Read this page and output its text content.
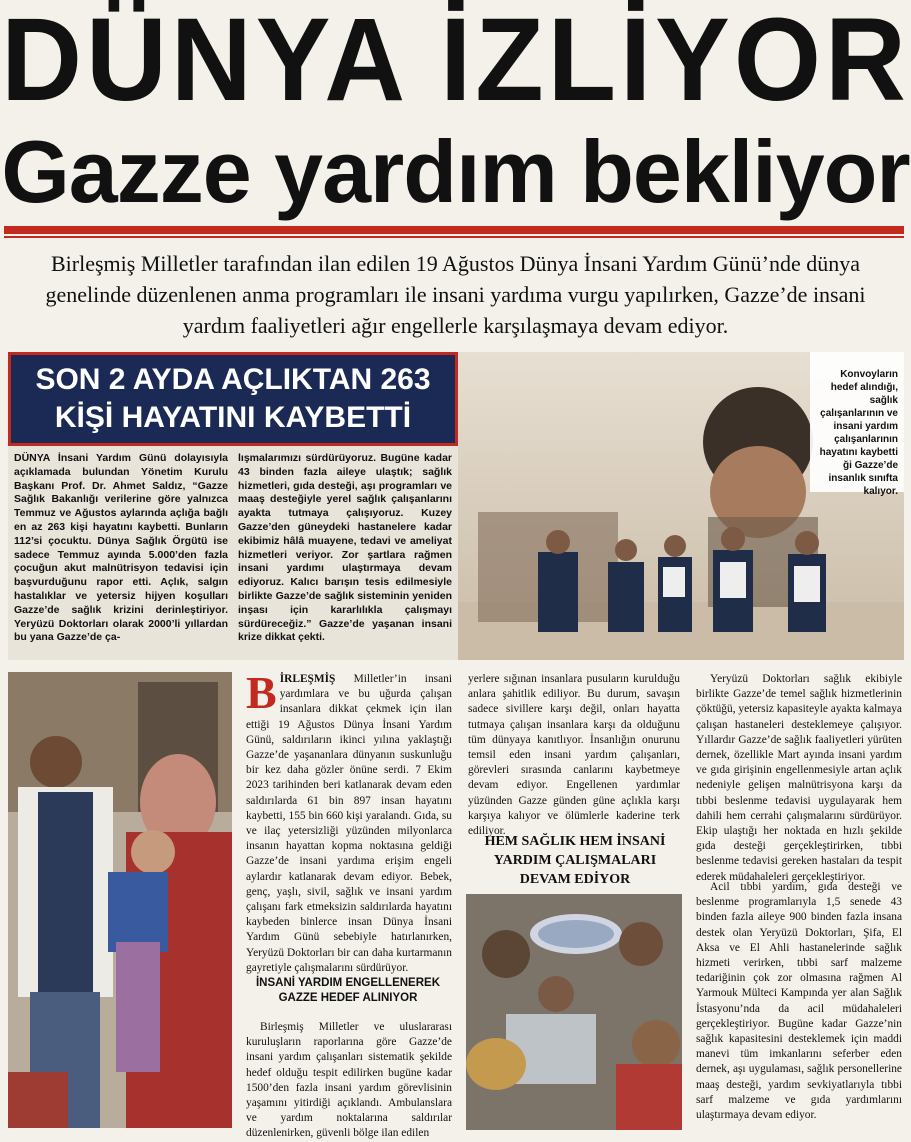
DÜNYA İZLİYOR
Gazze yardım bekliyor
Birleşmiş Milletler tarafından ilan edilen 19 Ağustos Dünya İnsani Yardım Günü’nde dünya genelinde düzenlenen anma programları ile insani yardıma vurgu yapılırken, Gazze’de insani yardım faaliyetleri ağır engellerle karşılaşmaya devam ediyor.
Konvoyların hedef alındığı, sağlık çalışanlarının ve insani yardım çalışanlarının hayatını kaybetti ği Gazze’de insanlık sınıfta kalıyor.
SON 2 AYDA AÇLIKTAN 263
KİŞİ HAYATINI KAYBETTİ
DÜNYA İnsani Yardım Günü dolayısıyla açıklamada bulundan Yönetim Kurulu Başkanı Prof. Dr. Ahmet Saldız, “Gazze Sağlık Bakanlığı verilerine göre yalnızca Temmuz ve Ağustos aylarında açlığa bağlı en az 263 kişi hayatını kaybetti. Bunların 112’si çocuktu. Dünya Sağlık Örgütü ise sadece Temmuz ayında 5.000’den fazla çocuğun akut malnütrisyon tedavisi için başvurduğunu rapor etti. Açlık, salgın hastalıklar ve yetersiz hijyen koşulları Gazze’de sağlık krizini derinleştiriyor. Yeryüzü Doktorları olarak 2000’li yıllardan bu yana Gazze’de ça-
lışmalarımızı sürdürüyoruz. Bugüne kadar 43 binden fazla aileye ulaştık; sağlık hizmetleri, gıda desteği, aşı programları ve maaş desteğiyle yerel sağlık çalışanlarını ayakta tutmaya çalışıyoruz. Kuzey Gazze’den güneydeki hastanelere kadar ekibimiz hâlâ muayene, tedavi ve ameliyat hizmetleri veriyor. Zor şartlara rağmen insani yardımı ulaştırmaya devam ediyoruz. Kalıcı barışın tesis edilmesiyle birlikte Gazze’de sağlık sisteminin yeniden inşası için kararlılıkla çalışmayı sürdüreceğiz.” Gazze’de yaşanan insani krize dikkat çekti.
BİRLEŞMİŞ Milletler’in insani yardımlara ve bu uğurda çalışan insanlara dikkat çekmek için ilan ettiği 19 Ağustos Dünya İnsani Yardım Günü, saldırıların ikinci yılına yaklaştığı Gazze’de yaşananlara dünyanın suskunluğu bir kez daha gözler önüne serdi. 7 Ekim 2023 tarihinden beri katlanarak devam eden saldırılarda 61 bin 897 insan hayatını kaybetti, 155 bin 660 kişi yaralandı. Gıda, su ve ilaç yetersizliği yüzünden milyonlarca insanın hayattan kopma noktasına geldiği Gazze’de insani yardıma erişim engeli aylardır katlanarak devam ediyor. Bebek, genç, yaşlı, sivil, sağlık ve insani yardım çalışanı fark etmeksizin saldırılarda hayatını kaybeden binlerce insan Dünya İnsani Yardım Günü sebebiyle hatırlanırken, Yeryüzü Doktorları bir can daha kurtarmanın gayretiyle çalışmalarını sürdürüyor.
İNSANİ YARDIM ENGELLENEREK GAZZE HEDEF ALINIYOR
Birleşmiş Milletler ve uluslararası kuruluşların raporlarına göre Gazze’de insani yardım çalışanları sistematik şekilde hedef olduğu tespit edilirken bugüne kadar 1500’den fazla insani yardım görevlisinin yaşamını yitirdiği açıklandı. Ambulanslara ve yardım noktalarına saldırılar düzenlenirken, güvenli bölge ilan edilen
yerlere sığınan insanlara pusuların kurulduğu anlara şahitlik ediliyor. Bu durum, savaşın sadece sivillere karşı değil, onları hayatta tutmaya çalışan insanlara karşı da olduğunu tüm dünyaya kanıtlıyor. İnsanlığın onurunu temsil eden insani yardım çalışanları, görevleri sırasında canlarını kaybetmeye devam ediyor. Engellenen yardımlar yüzünden Gazze günden güne açlıkla karşı karşıya kalıyor ve ölümlerle kaderine terk ediliyor.
HEM SAĞLIK HEM İNSANİ YARDIM ÇALIŞMALARI DEVAM EDİYOR
Yeryüzü Doktorları sağlık ekibiyle birlikte Gazze’de temel sağlık hizmetlerinin çöktüğü, yetersiz kapasiteyle ayakta kalmaya çalışan hastaneleri desteklemeye çalışıyor. Yıllardır Gazze’de sağlık faaliyetleri yürüten dernek, özellikle Mart ayında insani yardım ve gıda girişinin engellenmesiyle artan açlık nedeniyle gelişen malnütrisyona karşı da tıbbi beslenme tedavisi uygulayarak hem dahili hem cerrahi çalışmalarını sürdürüyor. Ekip ulaştığı her noktada en hızlı şekilde gıda desteği gerçekleştirirken, tıbbi beslenme tedavisi gereken hastaları da tespit ederek müdahaleleri gerçekleştiriyor.
Acil tıbbi yardım, gıda desteği ve beslenme programlarıyla 1,5 senede 43 binden fazla aileye 900 binden fazla insana destek olan Yeryüzü Doktorları, Şifa, El Aksa ve El Ahli hastanelerinde sağlık hizmeti verirken, tıbbi sarf malzeme tedariğinin çok zor olmasına rağmen Al Yarmouk Mülteci Kampında yer alan Sağlık İstasyonu’nda da acil müdahaleleri gerçekleştiriyor. Bugüne kadar Gazze’nin sağlık kapasitesini desteklemek için maddi manevi tüm imkanlarını seferber eden dernek, aşı uygulaması, sağlık personellerine maaş desteği, yardım sevkiyatlarıyla tıbbi sarf malzeme ve gıda yardımlarını ulaştırmaya devam ediyor.
